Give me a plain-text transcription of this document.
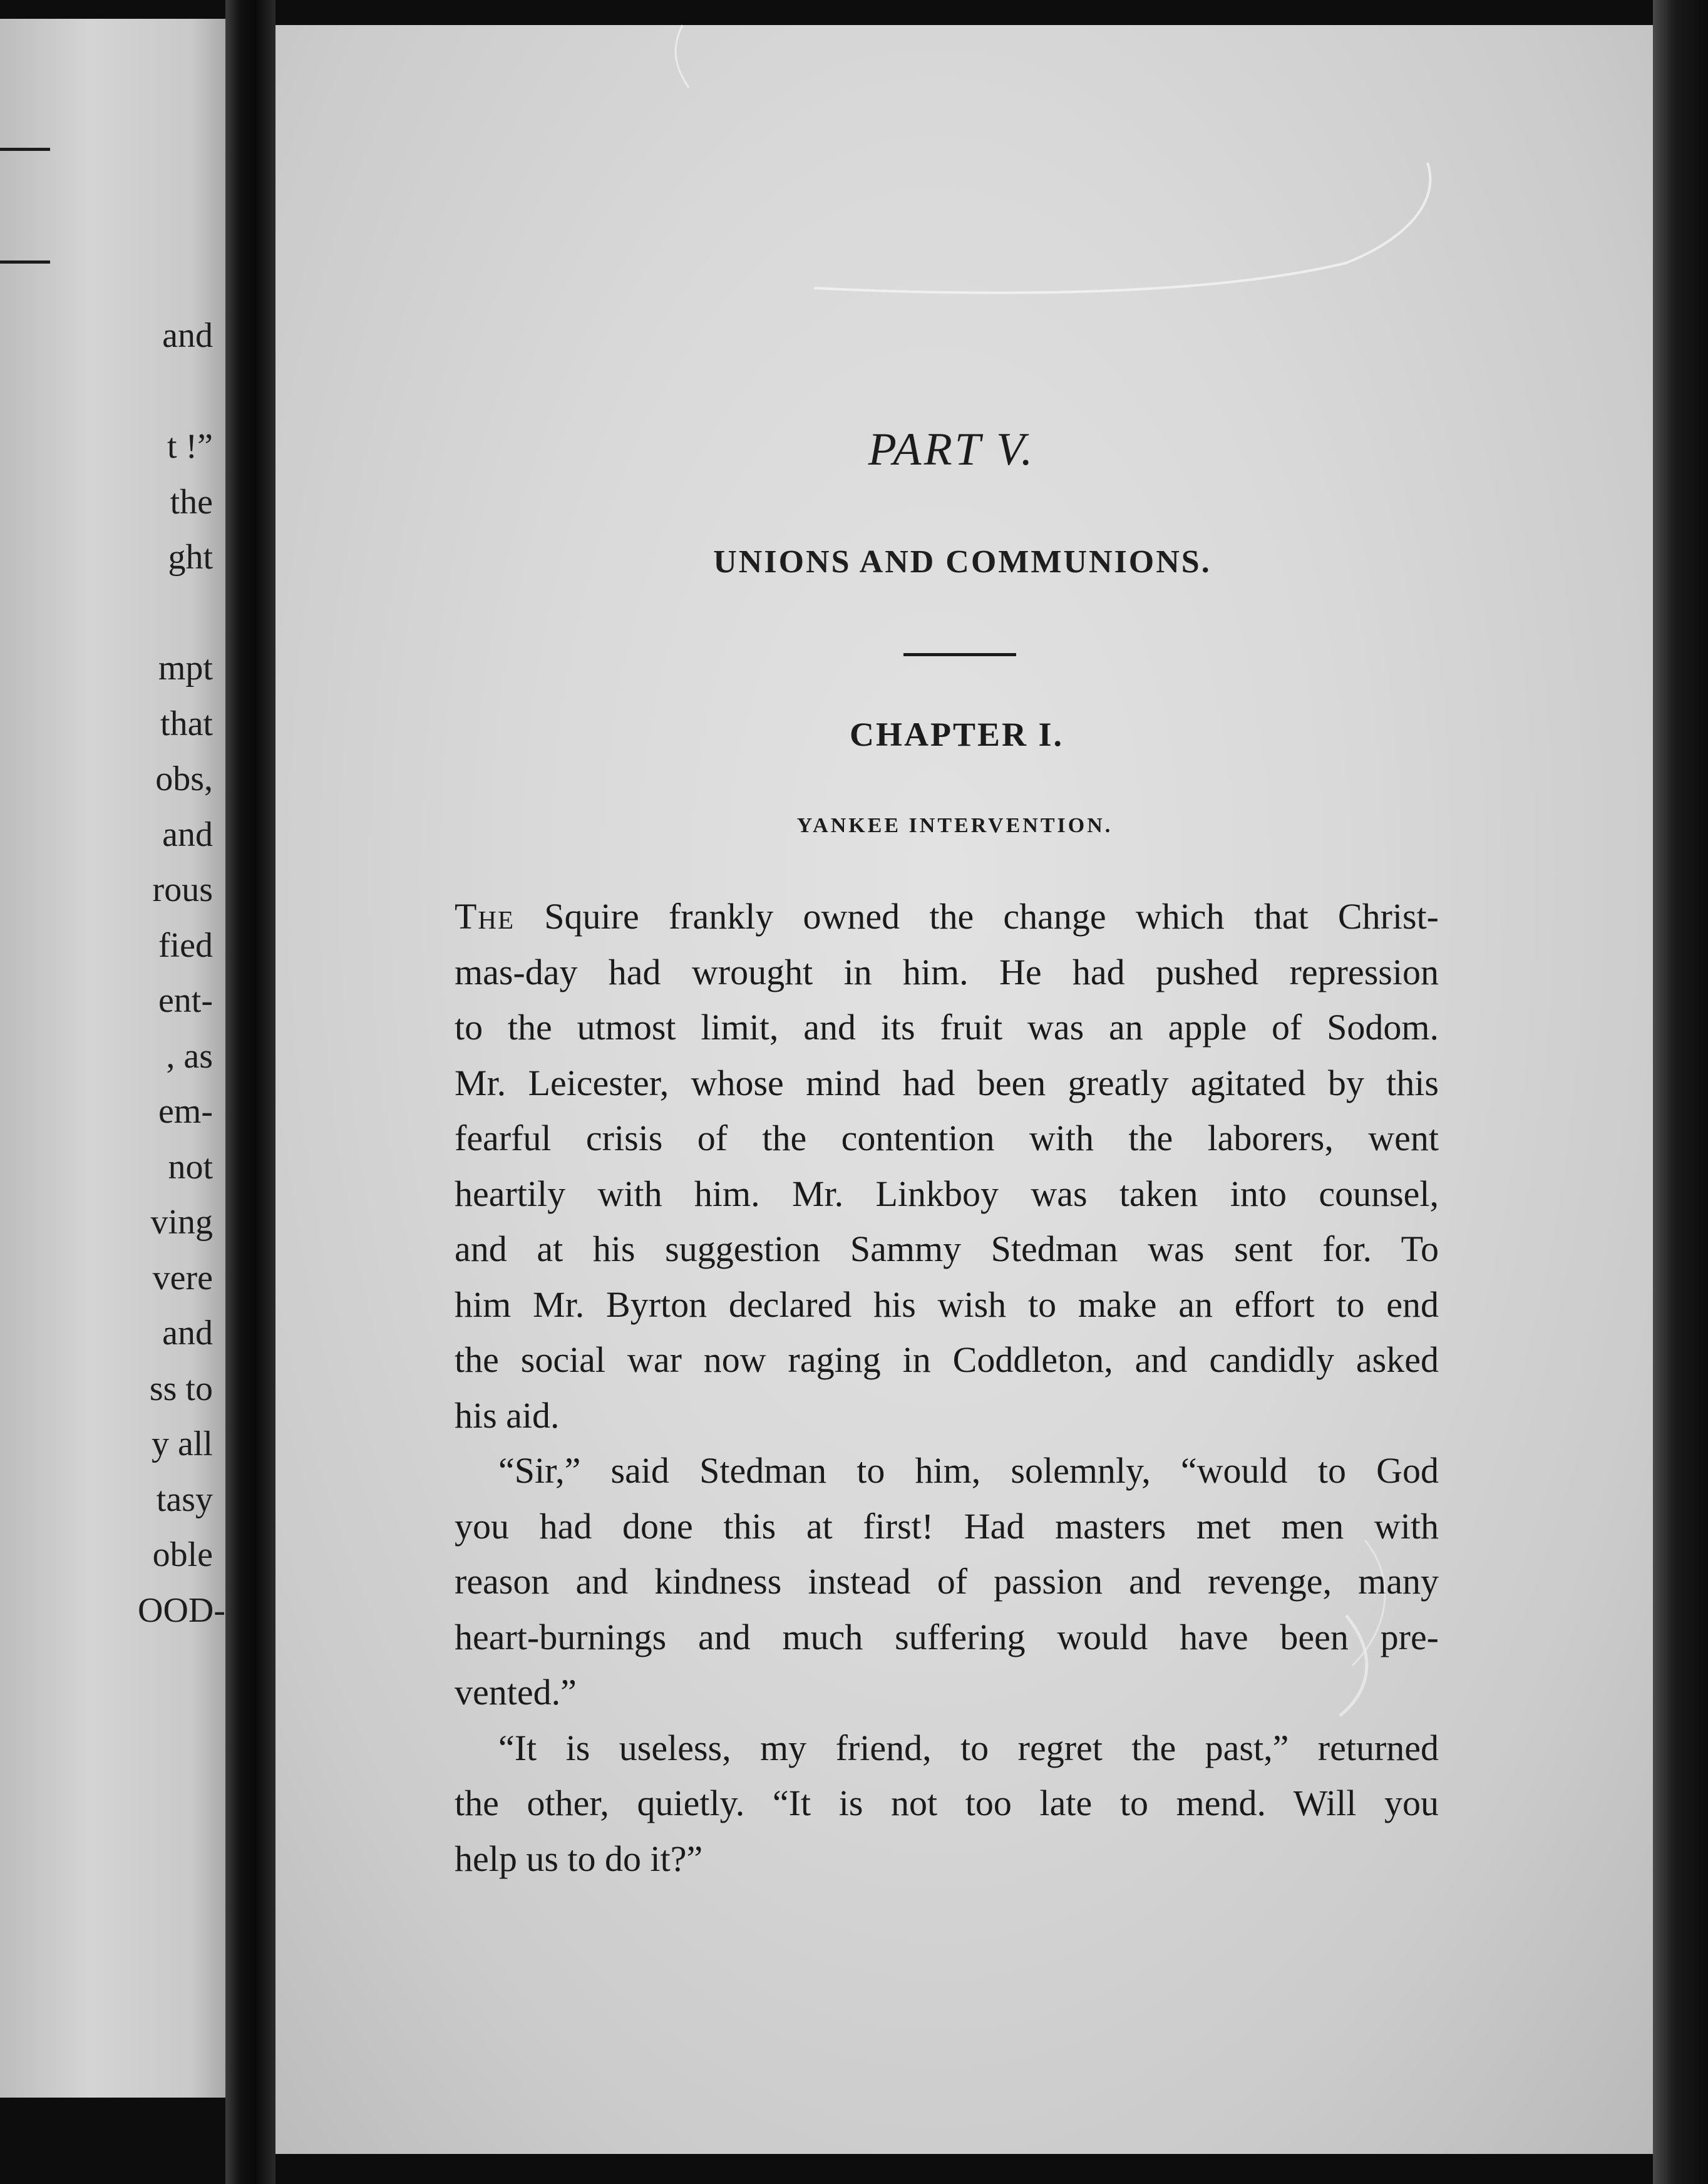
and
t !”
the
ght
mpt
that
obs,
and
rous
fied
ent-
, as
em-
not
ving
vere
and
ss to
y all
tasy
oble
OOD-
PART V.
UNIONS AND COMMUNIONS.
CHAPTER I.
YANKEE INTERVENTION.
The Squire frankly owned the change which that Christ-
mas-day had wrought in him. He had pushed repression
to the utmost limit, and its fruit was an apple of Sodom.
Mr. Leicester, whose mind had been greatly agitated by this
fearful crisis of the contention with the laborers, went
heartily with him. Mr. Linkboy was taken into counsel,
and at his suggestion Sammy Stedman was sent for. To
him Mr. Byrton declared his wish to make an effort to end
the social war now raging in Coddleton, and candidly asked
his aid.
“Sir,” said Stedman to him, solemnly, “would to God
you had done this at first! Had masters met men with
reason and kindness instead of passion and revenge, many
heart-burnings and much suffering would have been pre-
vented.”
“It is useless, my friend, to regret the past,” returned
the other, quietly. “It is not too late to mend. Will you
help us to do it?”
